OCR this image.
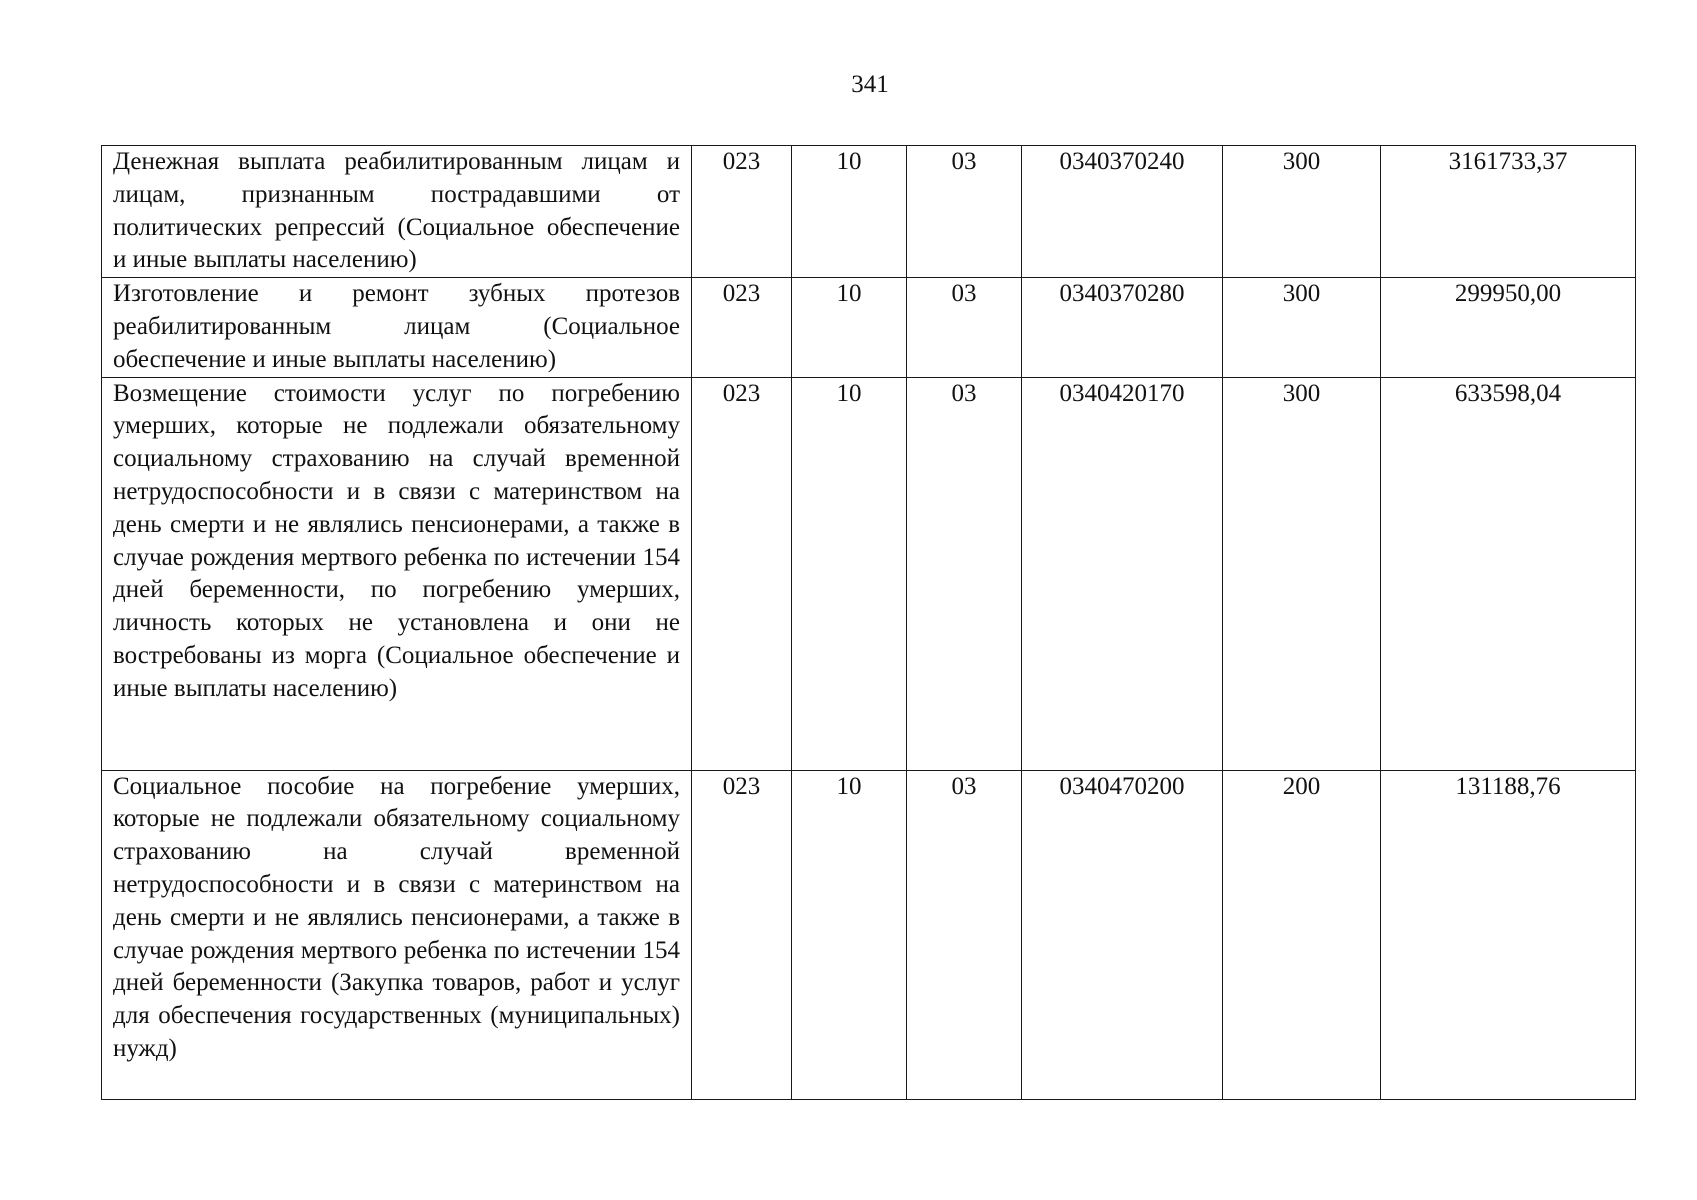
341
Денежная выплата реабилитированным лицам и лицам, признанным пострадавшими от политических репрессий (Социальное обеспечение и иные выплаты населению)	023	10	03	0340370240	300	3161733,37
Изготовление и ремонт зубных протезов реабилитированным лицам (Социальное обеспечение и иные выплаты населению)	023	10	03	0340370280	300	299950,00
Возмещение стоимости услуг по погребению умерших, которые не подлежали обязательному социальному страхованию на случай временной нетрудоспособности и в связи с материнством на день смерти и не являлись пенсионерами, а также в случае рождения мертвого ребенка по истечении 154 дней беременности, по погребению умерших, личность которых не установлена и они не востребованы из морга (Социальное обеспечение и иные выплаты населению)	023	10	03	0340420170	300	633598,04
Социальное пособие на погребение умерших, которые не подлежали обязательному социальному страхованию на случай временной нетрудоспособности и в связи с материнством на день смерти и не являлись пенсионерами, а также в случае рождения мертвого ребенка по истечении 154 дней беременности (Закупка товаров, работ и услуг для обеспечения государственных (муниципальных) нужд)	023	10	03	0340470200	200	131188,76
